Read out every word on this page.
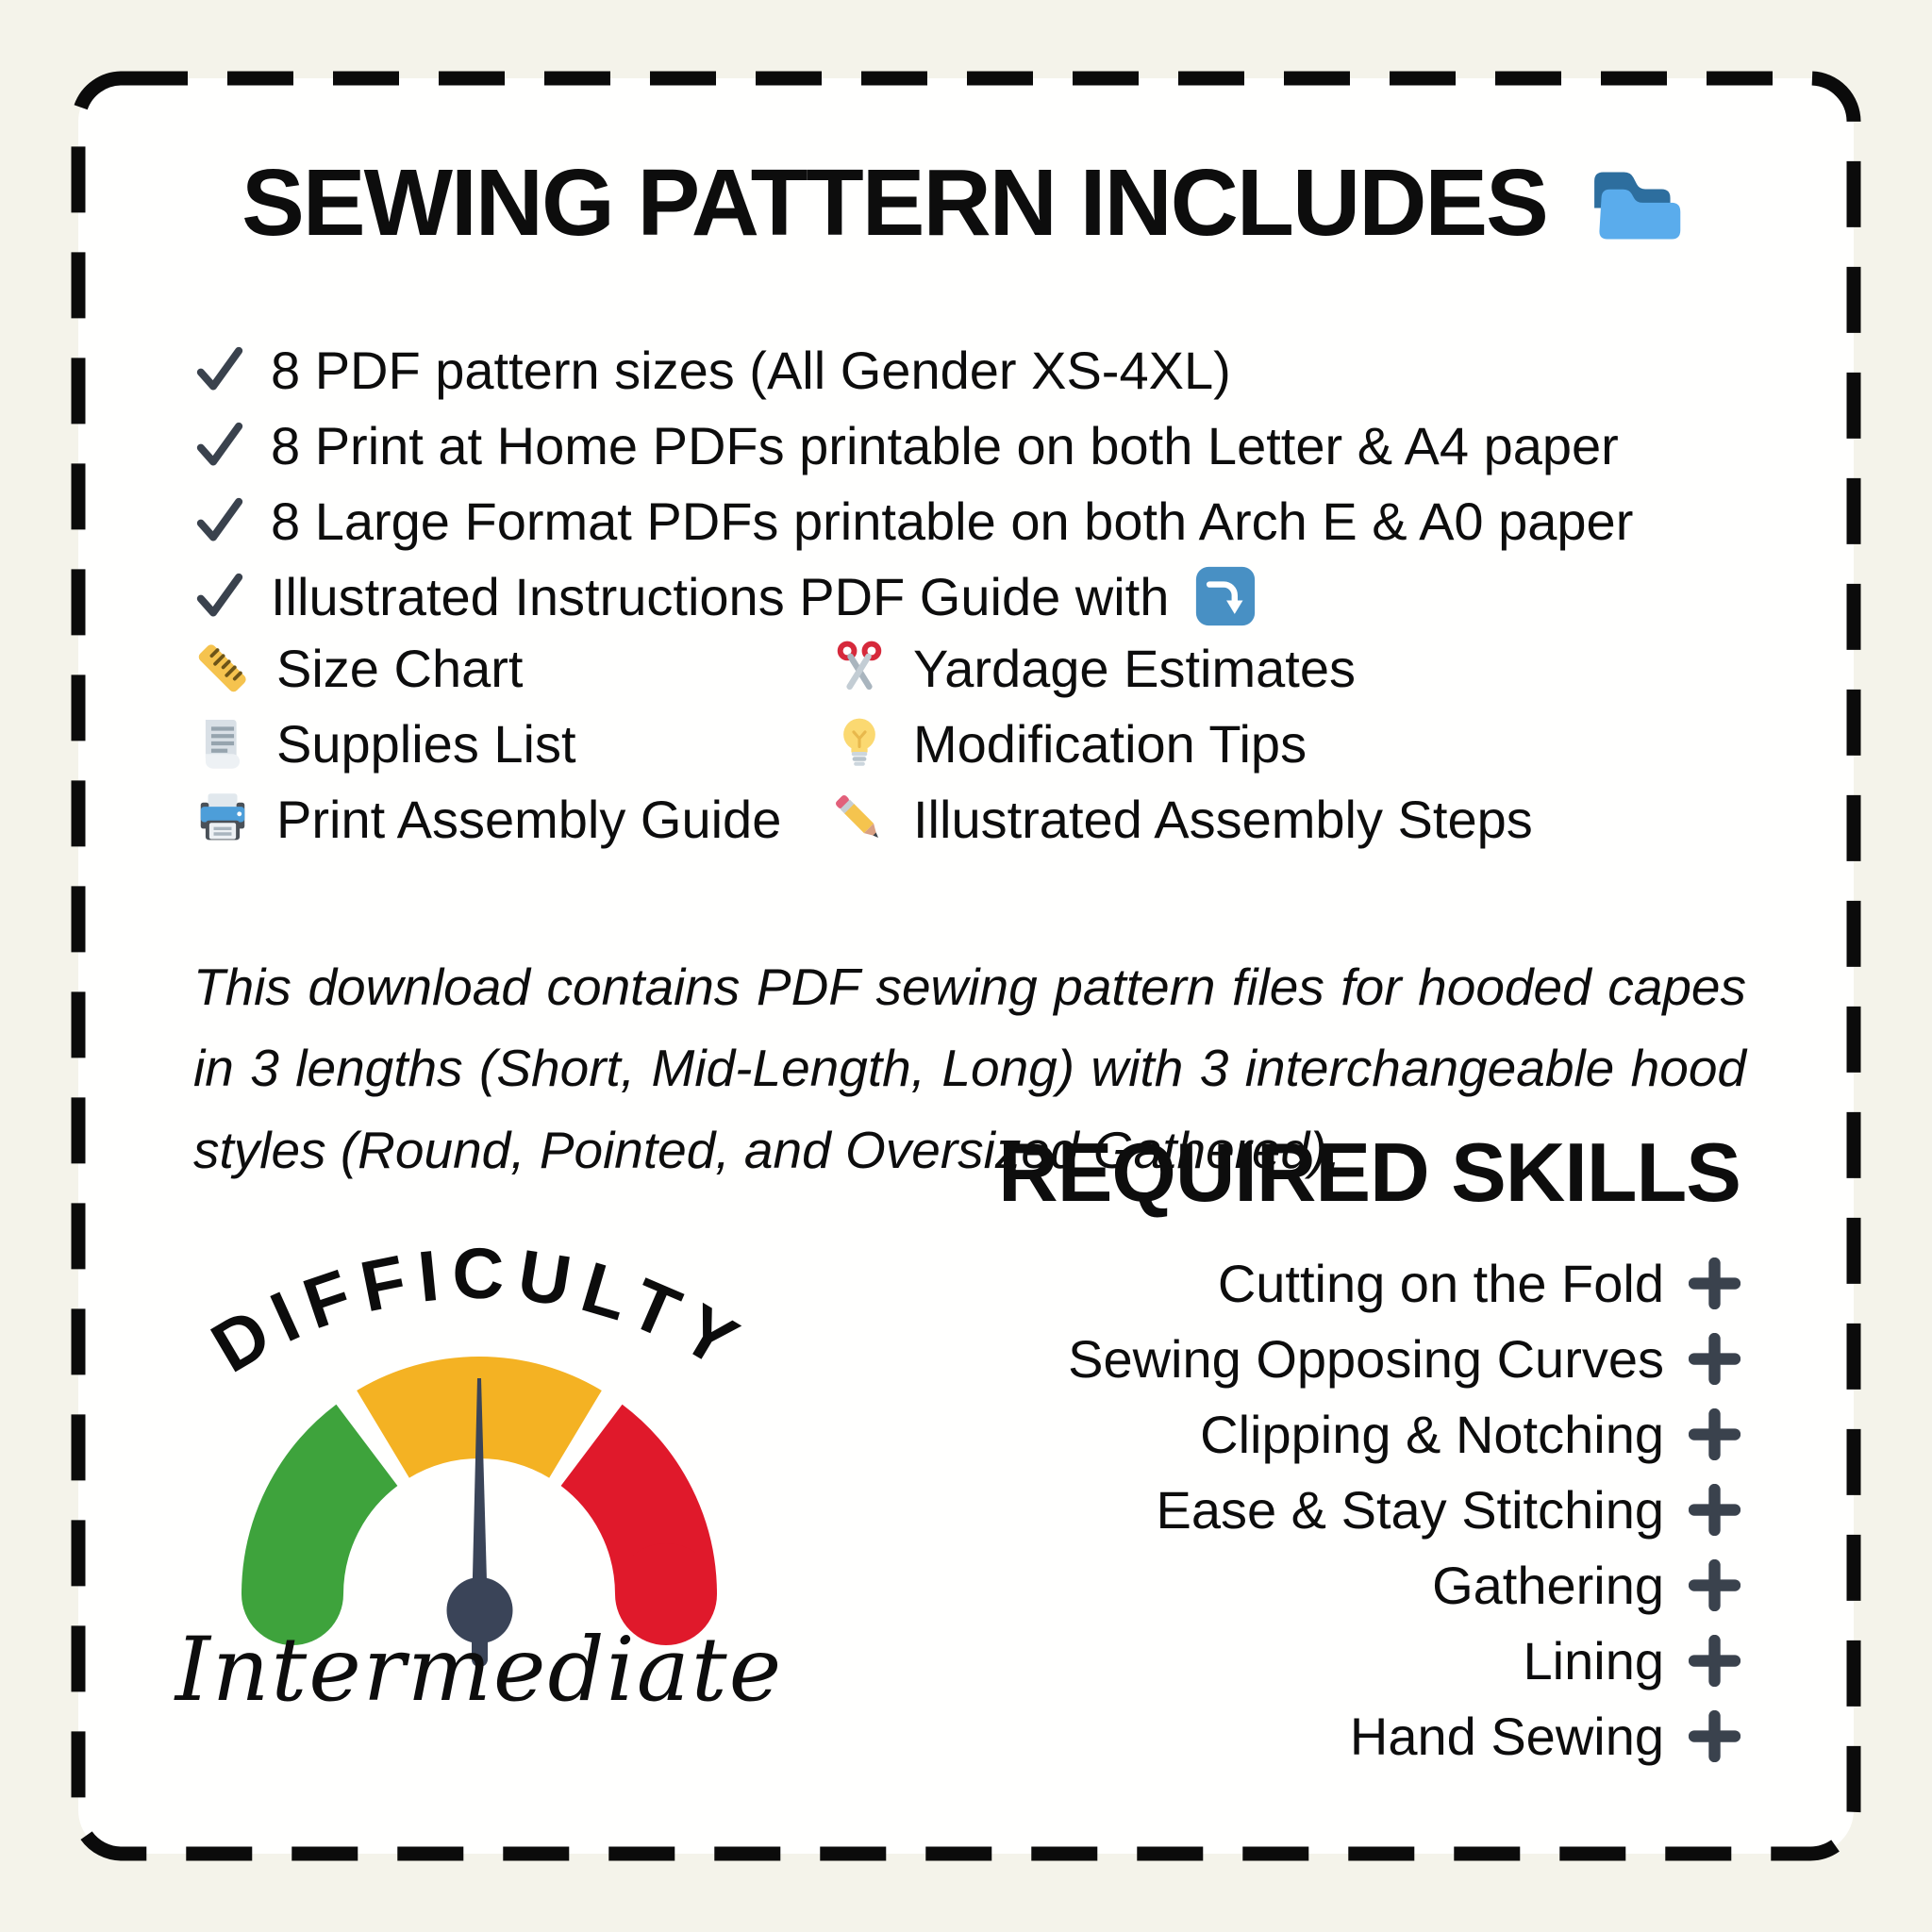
SEWING PATTERN INCLUDES
8 PDF pattern sizes (All Gender XS-4XL)
8 Print at Home PDFs printable on both Letter & A4 paper
8 Large Format PDFs printable on both Arch E & A0 paper
Illustrated Instructions PDF Guide with
Size Chart	Yardage Estimates
Supplies List	Modification Tips
Print Assembly Guide Illustrated Assembly Steps

This download contains PDF sewing pattern files for hooded capes in 3 lengths (Short, Mid-Length, Long) with 3 interchangeable hood styles (Round, Pointed, and Oversized Gathered).

REQUIRED SKILLS
Cutting on the Fold
Sewing Opposing Curves
Clipping & Notching
Ease & Stay Stitching
Gathering
Lining
Hand Sewing
DIFFICULTY
Intermediate
